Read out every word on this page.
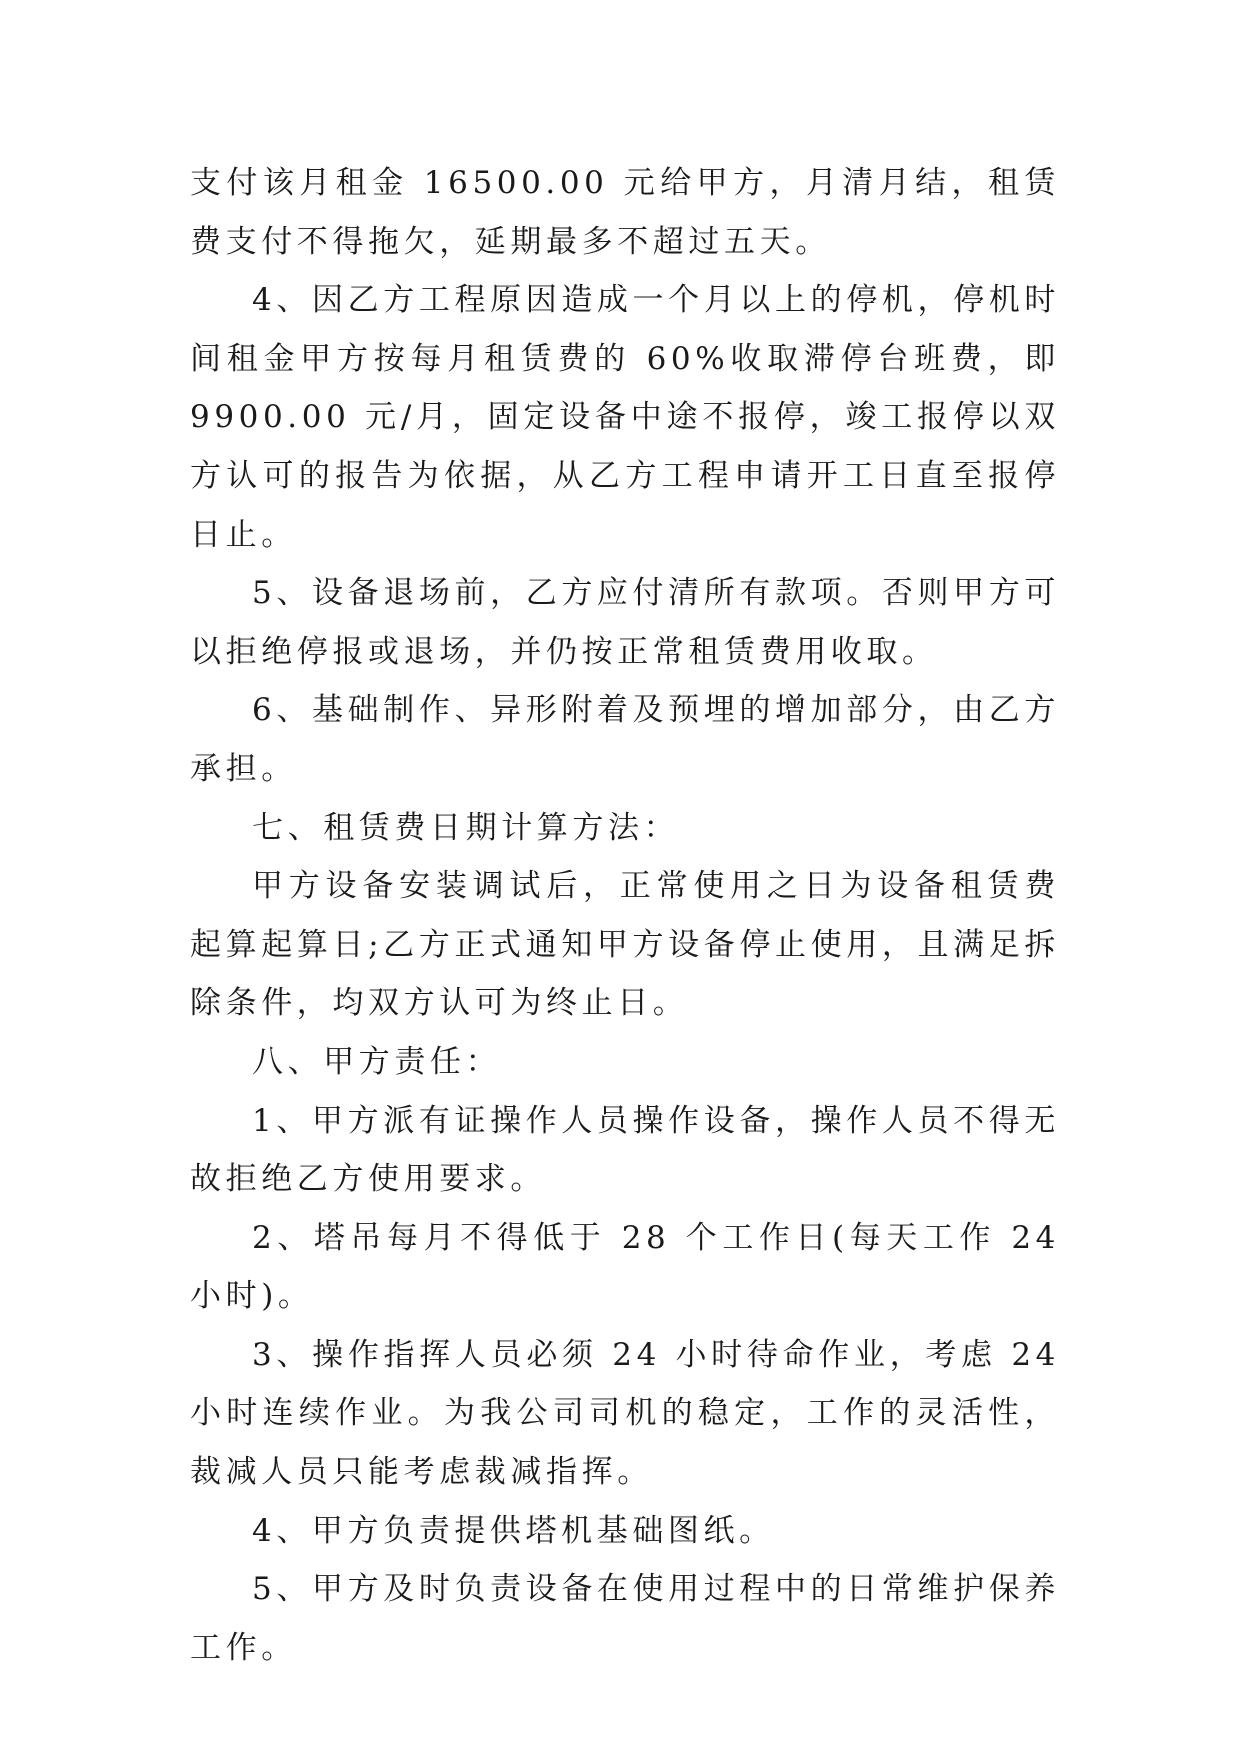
支付该月租金 16500.00 元给甲方，月清月结，租赁费支付不得拖欠，延期最多不超过五天。

4、因乙方工程原因造成一个月以上的停机，停机时间租金甲方按每月租赁费的 60%收取滞停台班费，即 9900.00 元/月，固定设备中途不报停，竣工报停以双方认可的报告为依据，从乙方工程申请开工日直至报停日止。

5、设备退场前，乙方应付清所有款项。否则甲方可以拒绝停报或退场，并仍按正常租赁费用收取。

6、基础制作、异形附着及预埋的增加部分，由乙方承担。

七、租赁费日期计算方法：

甲方设备安装调试后，正常使用之日为设备租赁费起算起算日;乙方正式通知甲方设备停止使用，且满足拆除条件，均双方认可为终止日。

八、甲方责任：

1、甲方派有证操作人员操作设备，操作人员不得无故拒绝乙方使用要求。

2、塔吊每月不得低于 28 个工作日(每天工作 24 小时)。

3、操作指挥人员必须 24 小时待命作业，考虑 24 小时连续作业。为我公司司机的稳定，工作的灵活性，裁减人员只能考虑裁减指挥。

4、甲方负责提供塔机基础图纸。

5、甲方及时负责设备在使用过程中的日常维护保养工作。
